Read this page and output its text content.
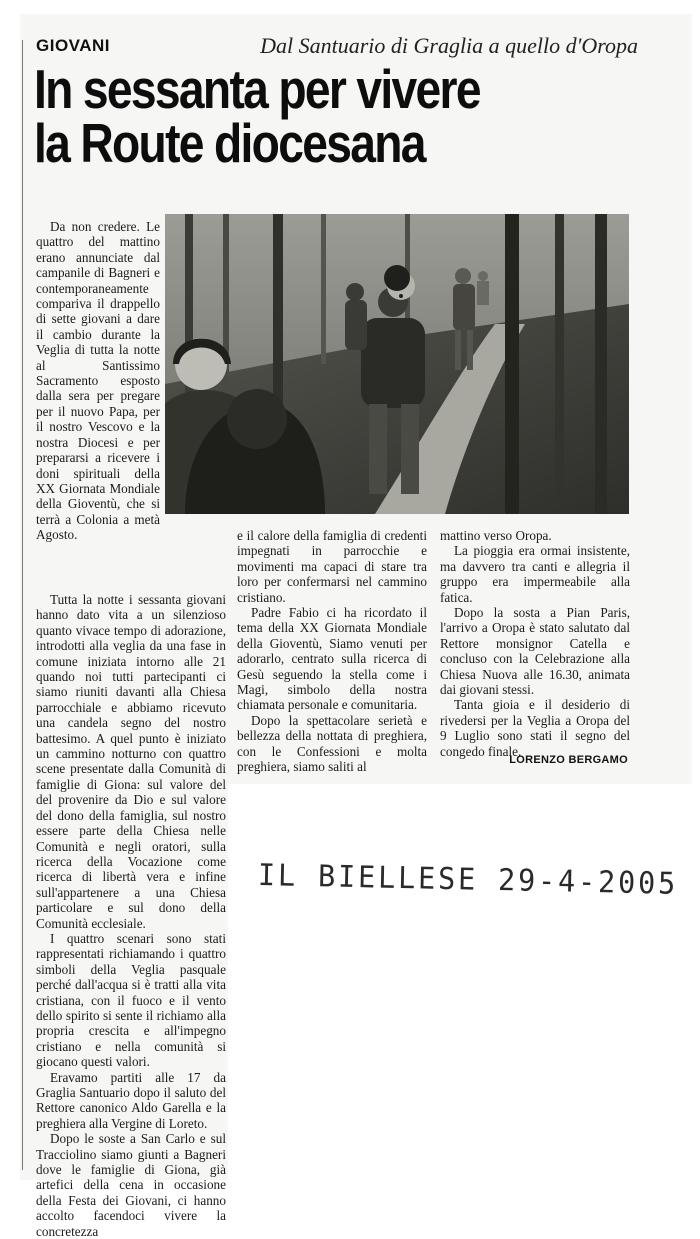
GIOVANI	Dal Santuario di Graglia a quello d'Oropa
In sessanta per vivere
la Route diocesana

Da non credere. Le quattro del mattino erano annunciate dal campanile di Bagneri e contemporaneamente compariva il drappello di sette giovani a dare il cambio durante la Veglia di tutta la notte al Santissimo Sacramento esposto dalla sera per pregare per il nuovo Papa, per il nostro Vescovo e la nostra Diocesi e per prepararsi a ricevere i doni spirituali della XX Giornata Mondiale della Gioventù, che si terrà a Colonia a metà Agosto.

Tutta la notte i sessanta giovani hanno dato vita a un silenzioso quanto vivace tempo di adorazione, introdotti alla veglia da una fase in comune iniziata intorno alle 21 quando noi tutti partecipanti ci siamo riuniti davanti alla Chiesa parrocchiale e abbiamo ricevuto una candela segno del nostro battesimo. A quel punto è iniziato un cammino notturno con quattro scene presentate dalla Comunità di famiglie di Giona: sul valore del del provenire da Dio e sul valore del dono della famiglia, sul nostro essere parte della Chiesa nelle Comunità e negli oratori, sulla ricerca della Vocazione come ricerca di libertà vera e infine sull'appartenere a una Chiesa particolare e sul dono della Comunità ecclesiale.

I quattro scenari sono stati rappresentati richiamando i quattro simboli della Veglia pasquale perché dall'acqua si è tratti alla vita cristiana, con il fuoco e il vento dello spirito si sente il richiamo alla propria crescita e all'impegno cristiano e nella comunità si giocano questi valori.

Eravamo partiti alle 17 da Graglia Santuario dopo il saluto del Rettore canonico Aldo Garella e la preghiera alla Vergine di Loreto.

Dopo le soste a San Carlo e sul Tracciolino siamo giunti a Bagneri dove le famiglie di Giona, già artefici della cena in occasione della Festa dei Giovani, ci hanno accolto facendoci vivere la concretezza

e il calore della famiglia di credenti impegnati in parrocchie e movimenti ma capaci di stare tra loro per confermarsi nel cammino cristiano.

Padre Fabio ci ha ricordato il tema della XX Giornata Mondiale della Gioventù, Siamo venuti per adorarlo, centrato sulla ricerca di Gesù seguendo la stella come i Magi, simbolo della nostra chiamata personale e comunitaria.

Dopo la spettacolare serietà e bellezza della nottata di preghiera, con le Confessioni e molta preghiera, siamo saliti al

mattino verso Oropa.

La pioggia era ormai insistente, ma davvero tra canti e allegria il gruppo era impermeabile alla fatica.

Dopo la sosta a Pian Paris, l'arrivo a Oropa è stato salutato dal Rettore monsignor Catella e concluso con la Celebrazione alla Chiesa Nuova alle 16.30, animata dai giovani stessi.

Tanta gioia e il desiderio di rivedersi per la Veglia a Oropa del 9 Luglio sono stati il segno del congedo finale.

LORENZO BERGAMO
IL BIELLESE 29-4-2005
